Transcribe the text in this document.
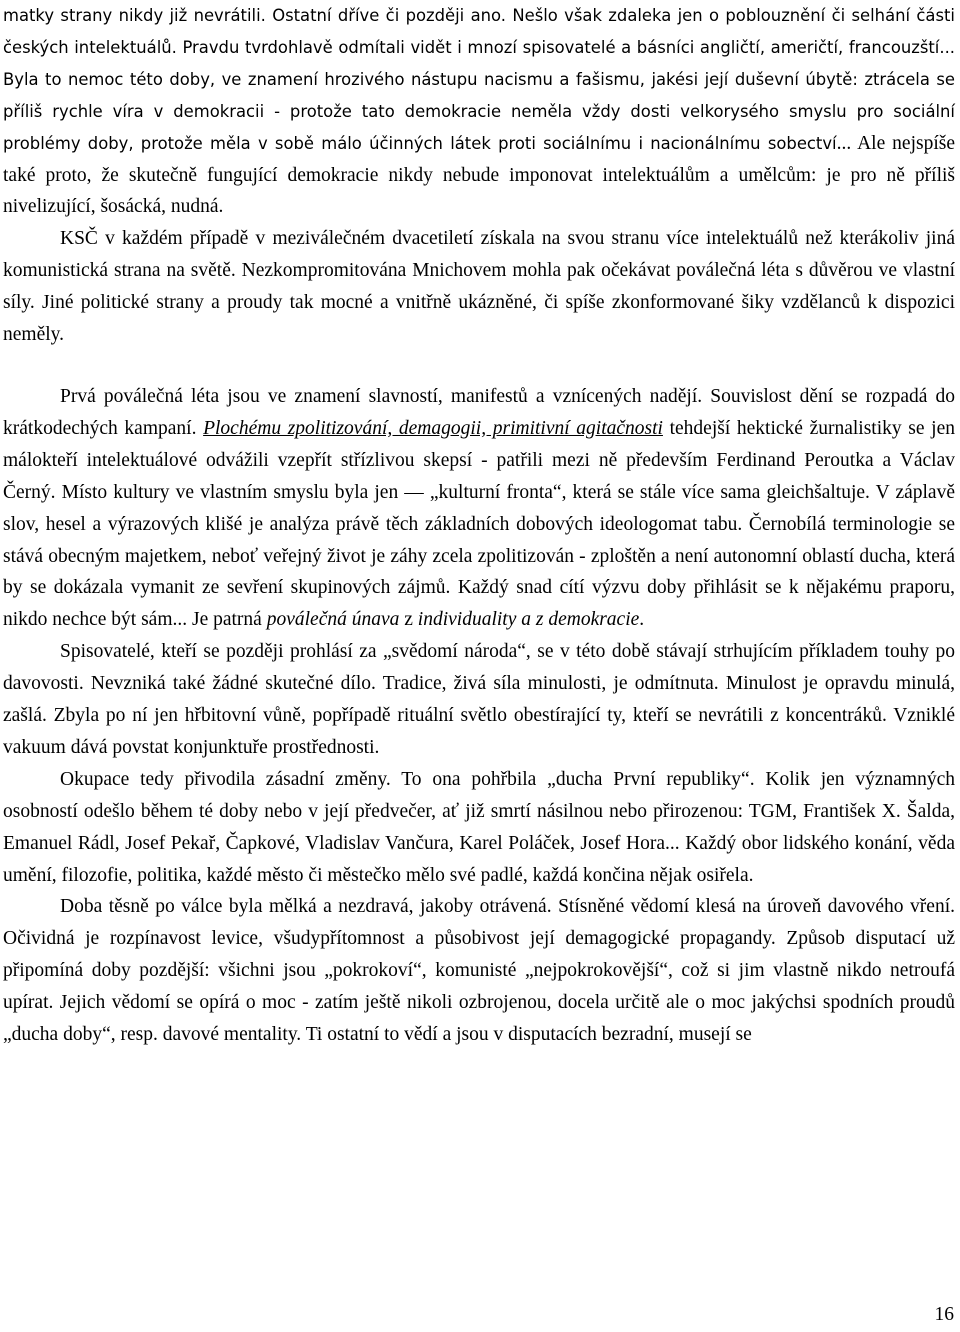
matky strany nikdy již nevrátili. Ostatní dříve či později ano. Nešlo však zdaleka jen o poblouznění či selhání části českých intelektuálů. Pravdu tvrdohlavě odmítali vidět i mnozí spisovatelé a básníci angličtí, američtí, francouzští... Byla to nemoc této doby, ve znamení hrozivého nástupu nacismu a fašismu, jakési její duševní úbytě: ztrácela se příliš rychle víra v demokracii - protože tato demokracie neměla vždy dosti velkorysého smyslu pro sociální problémy doby, protože měla v sobě málo účinných látek proti sociálnímu i nacionálnímu sobectví... Ale nejspíše také proto, že skutečně fungující demokracie nikdy nebude imponovat intelektuálům a umělcům: je pro ně příliš nivelizující, šosácká, nudná.

KSČ v každém případě v meziválečném dvacetiletí získala na svou stranu více intelektuálů než kterákoliv jiná komunistická strana na světě. Nezkompromitována Mnichovem mohla pak očekávat poválečná léta s důvěrou ve vlastní síly. Jiné politické strany a proudy tak mocné a vnitřně ukázněné, či spíše zkonformované šiky vzdělanců k dispozici neměly.

Prvá poválečná léta jsou ve znamení slavností, manifestů a vznícených nadějí. Souvislost dění se rozpadá do krátkodechých kampaní. Plochému zpolitizování, demagogii, primitivní agitačnosti tehdejší hektické žurnalistiky se jen málokteří intelektuálové odvážili vzepřít střízlivou skepsí - patřili mezi ně především Ferdinand Peroutka a Václav Černý. Místo kultury ve vlastním smyslu byla jen — „kulturní fronta“, která se stále více sama gleichšaltuje. V záplavě slov, hesel a výrazových klišé je analýza právě těch základních dobových ideologomat tabu. Černobílá terminologie se stává obecným majetkem, neboť veřejný život je záhy zcela zpolitizován - zploštěn a není autonomní oblastí ducha, která by se dokázala vymanit ze sevření skupinových zájmů. Každý snad cítí výzvu doby přihlásit se k nějakému praporu, nikdo nechce být sám... Je patrná poválečná únava z individuality a z demokracie.

Spisovatelé, kteří se později prohlásí za „svědomí národa“, se v této době stávají strhujícím příkladem touhy po davovosti. Nevzniká také žádné skutečné dílo. Tradice, živá síla minulosti, je odmítnuta. Minulost je opravdu minulá, zašlá. Zbyla po ní jen hřbitovní vůně, popřípadě rituální světlo obestírající ty, kteří se nevrátili z koncentráků. Vzniklé vakuum dává povstat konjunktuře prostřednosti.

Okupace tedy přivodila zásadní změny. To ona pohřbila „ducha První republiky“. Kolik jen významných osobností odešlo během té doby nebo v její předvečer, ať již smrtí násilnou nebo přirozenou: TGM, František X. Šalda, Emanuel Rádl, Josef Pekař, Čapkové, Vladislav Vančura, Karel Poláček, Josef Hora... Každý obor lidského konání, věda umění, filozofie, politika, každé město či městečko mělo své padlé, každá končina nějak osiřela.

Doba těsně po válce byla mělká a nezdravá, jakoby otrávená. Stísněné vědomí klesá na úroveň davového vření. Očividná je rozpínavost levice, všudypřítomnost a působivost její demagogické propagandy. Způsob disputací už připomíná doby pozdější: všichni jsou „pokrokoví“, komunisté „nejpokrokovější“, což si jim vlastně nikdo netroufá upírat. Jejich vědomí se opírá o moc - zatím ještě nikoli ozbrojenou, docela určitě ale o moc jakýchsi spodních proudů „ducha doby“, resp. davové mentality. Ti ostatní to vědí a jsou v disputacích bezradní, musejí se

16
